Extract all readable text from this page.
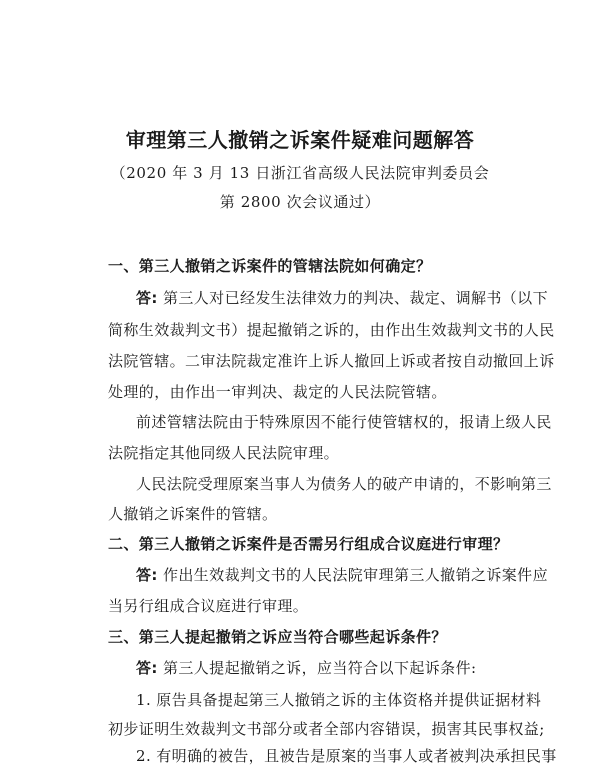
审理第三人撤销之诉案件疑难问题解答
（2020 年 3 月 13 日浙江省高级人民法院审判委员会
第 2800 次会议通过）
一、第三人撤销之诉案件的管辖法院如何确定？
答: 第三人对已经发生法律效力的判决、裁定、调解书（以下
简称生效裁判文书）提起撤销之诉的，由作出生效裁判文书的人民
法院管辖。二审法院裁定准许上诉人撤回上诉或者按自动撤回上诉
处理的，由作出一审判决、裁定的人民法院管辖。
前述管辖法院由于特殊原因不能行使管辖权的，报请上级人民
法院指定其他同级人民法院审理。
人民法院受理原案当事人为债务人的破产申请的，不影响第三
人撤销之诉案件的管辖。
二、第三人撤销之诉案件是否需另行组成合议庭进行审理？
答: 作出生效裁判文书的人民法院审理第三人撤销之诉案件应
当另行组成合议庭进行审理。
三、第三人提起撤销之诉应当符合哪些起诉条件？
答: 第三人提起撤销之诉，应当符合以下起诉条件:
1. 原告具备提起第三人撤销之诉的主体资格并提供证据材料
初步证明生效裁判文书部分或者全部内容错误，损害其民事权益;
2. 有明确的被告，且被告是原案的当事人或者被判决承担民事
